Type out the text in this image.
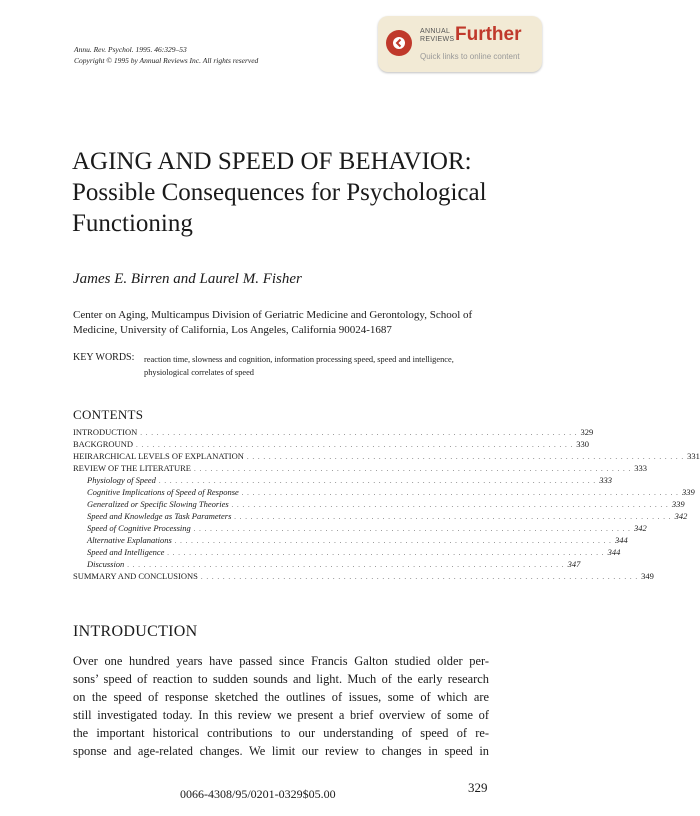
Annu. Rev. Psychol. 1995. 46:329–53
Copyright © 1995 by Annual Reviews Inc. All rights reserved
ANNUAL
REVIEWS Further
Quick links to online content
AGING AND SPEED OF BEHAVIOR:
Possible Consequences for Psychological
Functioning
James E. Birren and Laurel M. Fisher
Center on Aging, Multicampus Division of Geriatric Medicine and Gerontology, School of Medicine, University of California, Los Angeles, California 90024-1687
KEY WORDS: reaction time, slowness and cognition, information processing speed, speed and intelligence, physiological correlates of speed
CONTENTS
INTRODUCTION . . . . . . . . . . . . . . . . . . . . . . . . . . . . . . . . . . . . . . . . . . . . . . . . . . . . . . . . . . . . . . . . . . . . . . . . . . . . . . . . 329
BACKGROUND . . . . . . . . . . . . . . . . . . . . . . . . . . . . . . . . . . . . . . . . . . . . . . . . . . . . . . . . . . . . . . . . . . . . . . . . . . . . . . . . 330
HEIRARCHICAL LEVELS OF EXPLANATION . . . . . . . . . . . . . . . . . . . . . . . . . . . . . . . . . . . . . . . . . . . . . . . . . . . . . . . . . . . . . . . . . . . . . . . . . . . . . . . . 331
REVIEW OF THE LITERATURE . . . . . . . . . . . . . . . . . . . . . . . . . . . . . . . . . . . . . . . . . . . . . . . . . . . . . . . . . . . . . . . . . . . . . . . . . . . . . . . . 333
Physiology of Speed . . . . . . . . . . . . . . . . . . . . . . . . . . . . . . . . . . . . . . . . . . . . . . . . . . . . . . . . . . . . . . . . . . . . . . . . . . . . . . . . 333
Cognitive Implications of Speed of Response . . . . . . . . . . . . . . . . . . . . . . . . . . . . . . . . . . . . . . . . . . . . . . . . . . . . . . . . . . . . . . . . . . . . . . . . . . . . . . . . 339
Generalized or Specific Slowing Theories . . . . . . . . . . . . . . . . . . . . . . . . . . . . . . . . . . . . . . . . . . . . . . . . . . . . . . . . . . . . . . . . . . . . . . . . . . . . . . . . 339
Speed and Knowledge as Task Parameters . . . . . . . . . . . . . . . . . . . . . . . . . . . . . . . . . . . . . . . . . . . . . . . . . . . . . . . . . . . . . . . . . . . . . . . . . . . . . . . . 342
Speed of Cognitive Processing . . . . . . . . . . . . . . . . . . . . . . . . . . . . . . . . . . . . . . . . . . . . . . . . . . . . . . . . . . . . . . . . . . . . . . . . . . . . . . . . 342
Alternative Explanations . . . . . . . . . . . . . . . . . . . . . . . . . . . . . . . . . . . . . . . . . . . . . . . . . . . . . . . . . . . . . . . . . . . . . . . . . . . . . . . . 344
Speed and Intelligence . . . . . . . . . . . . . . . . . . . . . . . . . . . . . . . . . . . . . . . . . . . . . . . . . . . . . . . . . . . . . . . . . . . . . . . . . . . . . . . . 344
Discussion . . . . . . . . . . . . . . . . . . . . . . . . . . . . . . . . . . . . . . . . . . . . . . . . . . . . . . . . . . . . . . . . . . . . . . . . . . . . . . . . 347
SUMMARY AND CONCLUSIONS . . . . . . . . . . . . . . . . . . . . . . . . . . . . . . . . . . . . . . . . . . . . . . . . . . . . . . . . . . . . . . . . . . . . . . . . . . . . . . . . 349
INTRODUCTION
Over one hundred years have passed since Francis Galton studied older per-
sons’ speed of reaction to sudden sounds and light. Much of the early research
on the speed of response sketched the outlines of issues, some of which are
still investigated today. In this review we present a brief overview of some of
the important historical contributions to our understanding of speed of re-
sponse and age-related changes. We limit our review to changes in speed in
0066-4308/95/0201-0329$05.00	329
